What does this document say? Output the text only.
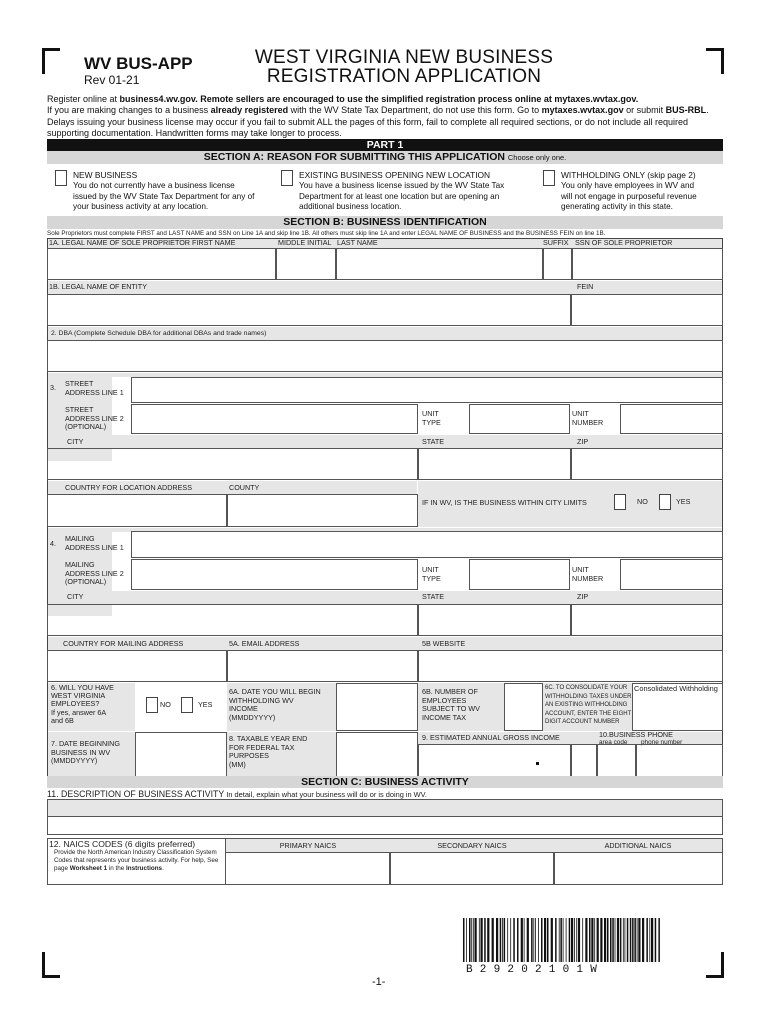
WV BUS-APP
Rev 01-21
WEST VIRGINIA NEW BUSINESS
REGISTRATION APPLICATION
Register online at business4.wv.gov. Remote sellers are encouraged to use the simplified registration process online at mytaxes.wvtax.gov.
If you are making changes to a business already registered with the WV State Tax Department, do not use this form. Go to mytaxes.wvtax.gov or submit BUS-RBL.
Delays issuing your business license may occur if you fail to submit ALL the pages of this form, fail to complete all required sections, or do not include all required
supporting documentation. Handwritten forms may take longer to process.
PART 1
SECTION A: REASON FOR SUBMITTING THIS APPLICATION Choose only one.
NEW BUSINESS
You do not currently have a business license
issued by the WV State Tax Department for any of
your business activity at any location.
EXISTING BUSINESS OPENING NEW LOCATION
You have a business license issued by the WV State Tax
Department for at least one location but are opening an
additional business location.
WITHHOLDING ONLY (skip page 2)
You only have employees in WV and
will not engage in purposeful revenue
generating activity in this state.
SECTION B: BUSINESS IDENTIFICATION
Sole Proprietors must complete FIRST and LAST NAME and SSN on Line 1A and skip line 1B. All others must skip line 1A and enter LEGAL NAME OF BUSINESS and the BUSINESS FEIN on line 1B.
1A. LEGAL NAME OF SOLE PROPRIETOR FIRST NAME	MIDDLE INITIAL LAST NAME	SUFFIX SSN OF SOLE PROPRIETOR
1B. LEGAL NAME OF ENTITY	FEIN
2. DBA (Complete Schedule DBA for additional DBAs and trade names)
3. STREET
ADDRESS LINE 1
STREET
ADDRESS LINE 2
(OPTIONAL)
UNIT
TYPE
UNIT
NUMBER
CITY	STATE	ZIP
COUNTRY FOR LOCATION ADDRESS	COUNTY
IF IN WV, IS THE BUSINESS WITHIN CITY LIMITS	NO	YES
4.
MAILING
ADDRESS LINE 1
MAILING
ADDRESS LINE 2
(OPTIONAL)
UNIT
TYPE
UNIT
NUMBER
CITY	STATE	ZIP
COUNTRY FOR MAILING ADDRESS	5A. EMAIL ADDRESS	5B WEBSITE
6. WILL YOU HAVE
WEST VIRGINIA
EMPLOYEES?
If yes, answer 6A
and 6B
NO	YES
6A. DATE YOU WILL BEGIN
WITHHOLDING WV
INCOME
(MMDDYYYY)
6B. NUMBER OF
EMPLOYEES
SUBJECT TO WV
INCOME TAX
6C. TO CONSOLIDATE YOUR
WITHHOLDING TAXES UNDER
AN EXISTING WITHHOLDING
ACCOUNT, ENTER THE EIGHT
DIGIT ACCOUNT NUMBER
Consolidated Withholding
7. DATE BEGINNING
BUSINESS IN WV
(MMDDYYYY)
8. TAXABLE YEAR END
FOR FEDERAL TAX
PURPOSES
(MM)
9. ESTIMATED ANNUAL GROSS INCOME	10.BUSINESS PHONE
area code phone number
SECTION C: BUSINESS ACTIVITY
11. DESCRIPTION OF BUSINESS ACTIVITY In detail, explain what your business will do or is doing in WV.
12. NAICS CODES (6 digits preferred)
Provide the North American Industry Classification System Codes that represents your business activity. For help, See page Worksheet 1 in the Instructions.
PRIMARY NAICS	SECONDARY NAICS	ADDITIONAL NAICS
B29202101W
-1-
